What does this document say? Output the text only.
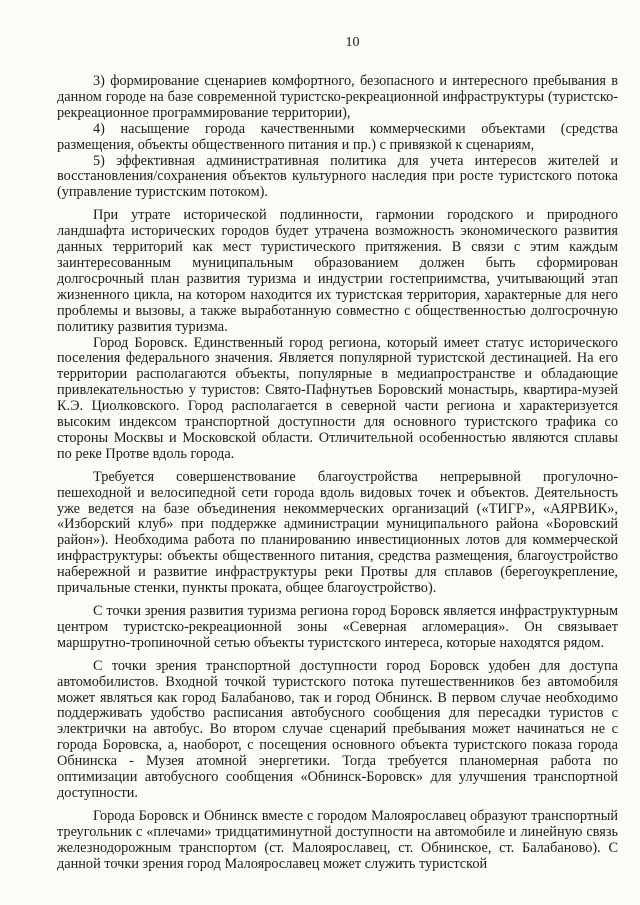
10

3) формирование сценариев комфортного, безопасного и интересного пребывания в данном городе на базе современной туристско-рекреационной инфраструктуры (туристско-рекреационное программирование территории),

4) насыщение города качественными коммерческими объектами (средства размещения, объекты общественного питания и пр.) с привязкой к сценариям,

5) эффективная административная политика для учета интересов жителей и восстановления/сохранения объектов культурного наследия при росте туристского потока (управление туристским потоком).

При утрате исторической подлинности, гармонии городского и природного ландшафта исторических городов будет утрачена возможность экономического развития данных территорий как мест туристического притяжения. В связи с этим каждым заинтересованным муниципальным образованием должен быть сформирован долгосрочный план развития туризма и индустрии гостеприимства, учитывающий этап жизненного цикла, на котором находится их туристская территория, характерные для него проблемы и вызовы, а также выработанную совместно с общественностью долгосрочную политику развития туризма.

Город Боровск. Единственный город региона, который имеет статус исторического поселения федерального значения. Является популярной туристской дестинацией. На его территории располагаются объекты, популярные в медиапространстве и обладающие привлекательностью у туристов: Свято-Пафнутьев Боровский монастырь, квартира-музей К.Э. Циолковского. Город располагается в северной части региона и характеризуется высоким индексом транспортной доступности для основного туристского трафика со стороны Москвы и Московской области. Отличительной особенностью являются сплавы по реке Протве вдоль города.

Требуется совершенствование благоустройства непрерывной прогулочно-пешеходной и велосипедной сети города вдоль видовых точек и объектов. Деятельность уже ведется на базе объединения некоммерческих организаций («ТИГР», «АЯРВИК», «Изборский клуб» при поддержке администрации муниципального района «Боровский район»). Необходима работа по планированию инвестиционных лотов для коммерческой инфраструктуры: объекты общественного питания, средства размещения, благоустройство набережной и развитие инфраструктуры реки Протвы для сплавов (берегоукрепление, причальные стенки, пункты проката, общее благоустройство).

С точки зрения развития туризма региона город Боровск является инфраструктурным центром туристско-рекреационной зоны «Северная агломерация». Он связывает маршрутно-тропиночной сетью объекты туристского интереса, которые находятся рядом.

С точки зрения транспортной доступности город Боровск удобен для доступа автомобилистов. Входной точкой туристского потока путешественников без автомобиля может являться как город Балабаново, так и город Обнинск. В первом случае необходимо поддерживать удобство расписания автобусного сообщения для пересадки туристов с электрички на автобус. Во втором случае сценарий пребывания может начинаться не с города Боровска, а, наоборот, с посещения основного объекта туристского показа города Обнинска - Музея атомной энергетики. Тогда требуется планомерная работа по оптимизации автобусного сообщения «Обнинск-Боровск» для улучшения транспортной доступности.

Города Боровск и Обнинск вместе с городом Малоярославец образуют транспортный треугольник с «плечами» тридцатиминутной доступности на автомобиле и линейную связь железнодорожным транспортом (ст. Малоярославец, ст. Обнинское, ст. Балабаново). С данной точки зрения город Малоярославец может служить туристской
